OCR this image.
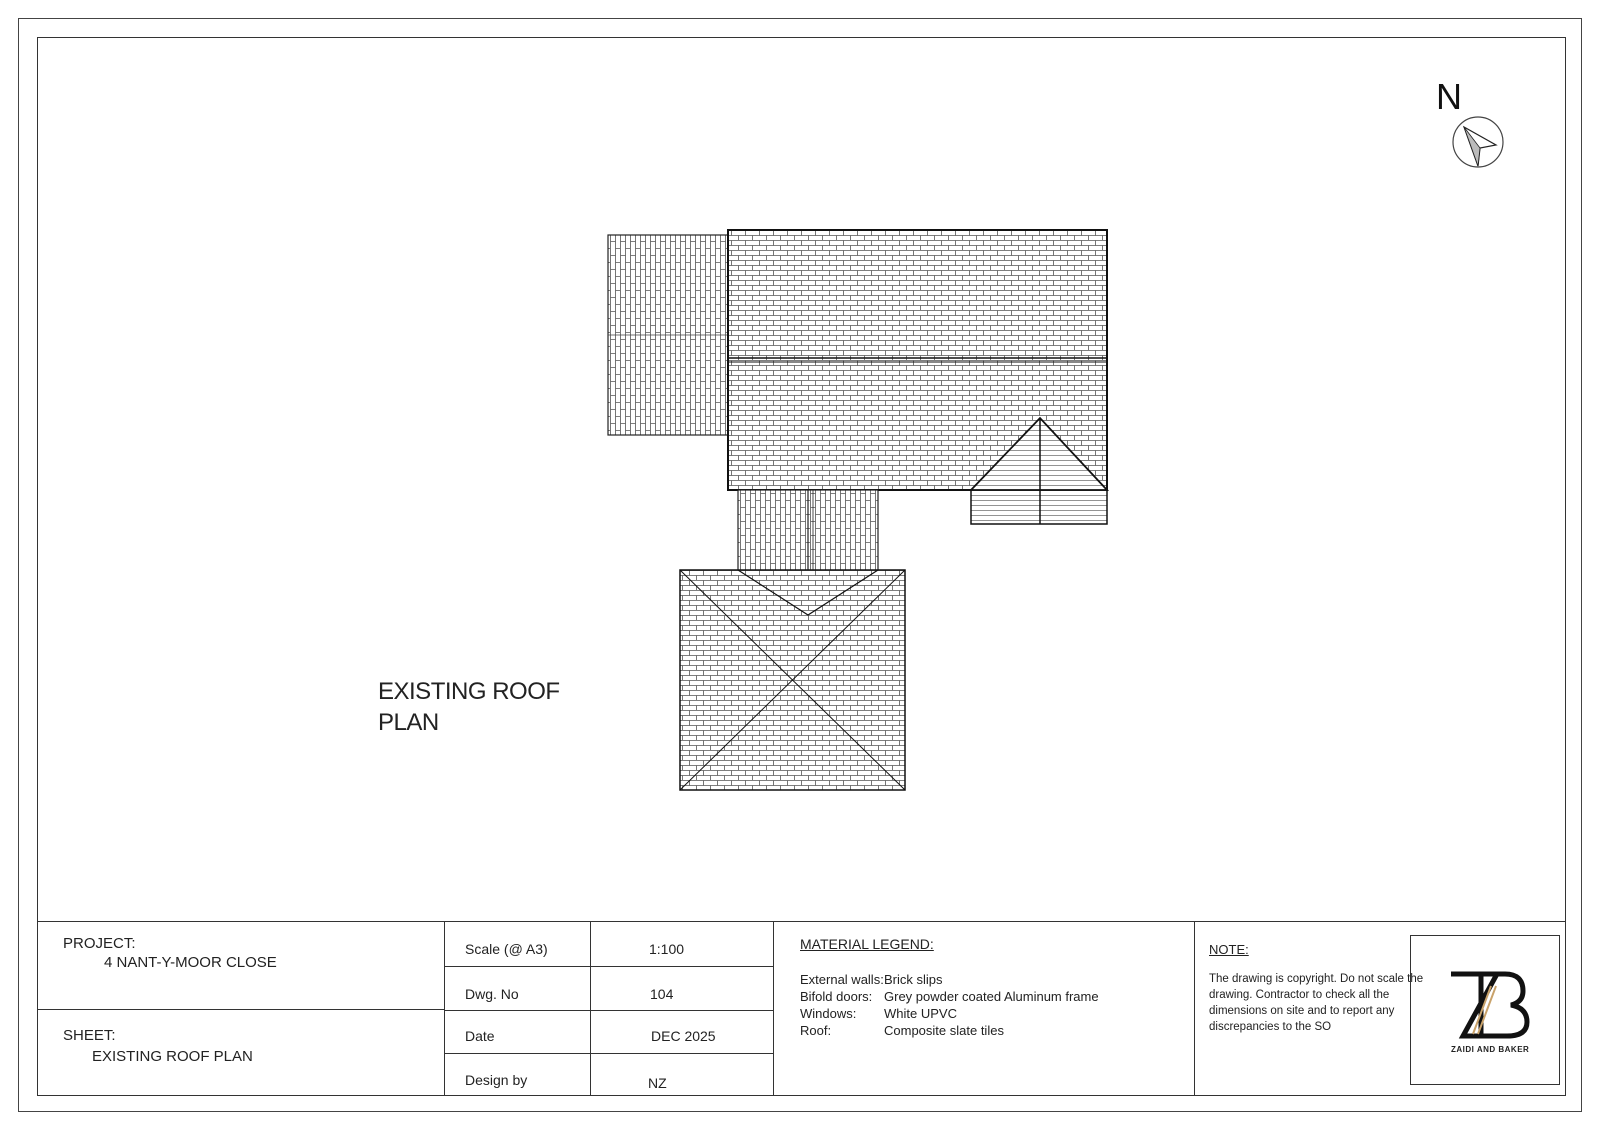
N
EXISTING ROOF
PLAN
PROJECT:
4 NANT-Y-MOOR CLOSE
SHEET:
EXISTING ROOF PLAN
Scale (@ A3)	1:100
Dwg. No	104
Date	DEC 2025
Design by	NZ
MATERIAL LEGEND:
External walls: Brick slips
Bifold doors: Grey powder coated Aluminum frame
Windows: White UPVC
Roof:	Composite slate tiles
NOTE:
The drawing is copyright. Do not scale the
drawing. Contractor to check all the
dimensions on site and to report any
discrepancies to the SO
ZAIDI AND BAKER
